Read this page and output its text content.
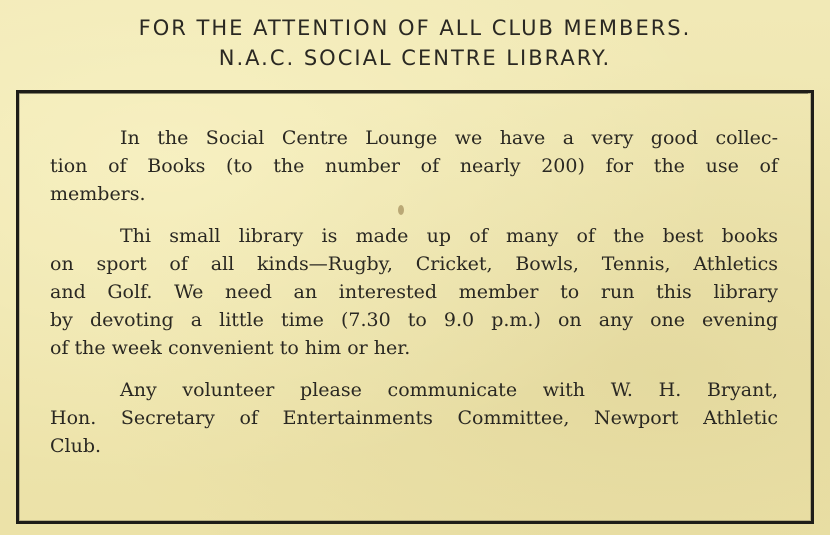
FOR THE ATTENTION OF ALL CLUB MEMBERS.
N.A.C. SOCIAL CENTRE LIBRARY.

In the Social Centre Lounge we have a very good collec-
tion of Books (to the number of nearly 200) for the use of
members.

Thi small library is made up of many of the best books
on sport of all kinds—Rugby, Cricket, Bowls, Tennis, Athletics
and Golf. We need an interested member to run this library
by devoting a little time (7.30 to 9.0 p.m.) on any one evening
of the week convenient to him or her.

Any volunteer please communicate with W. H. Bryant,
Hon. Secretary of Entertainments Committee, Newport Athletic
Club.
